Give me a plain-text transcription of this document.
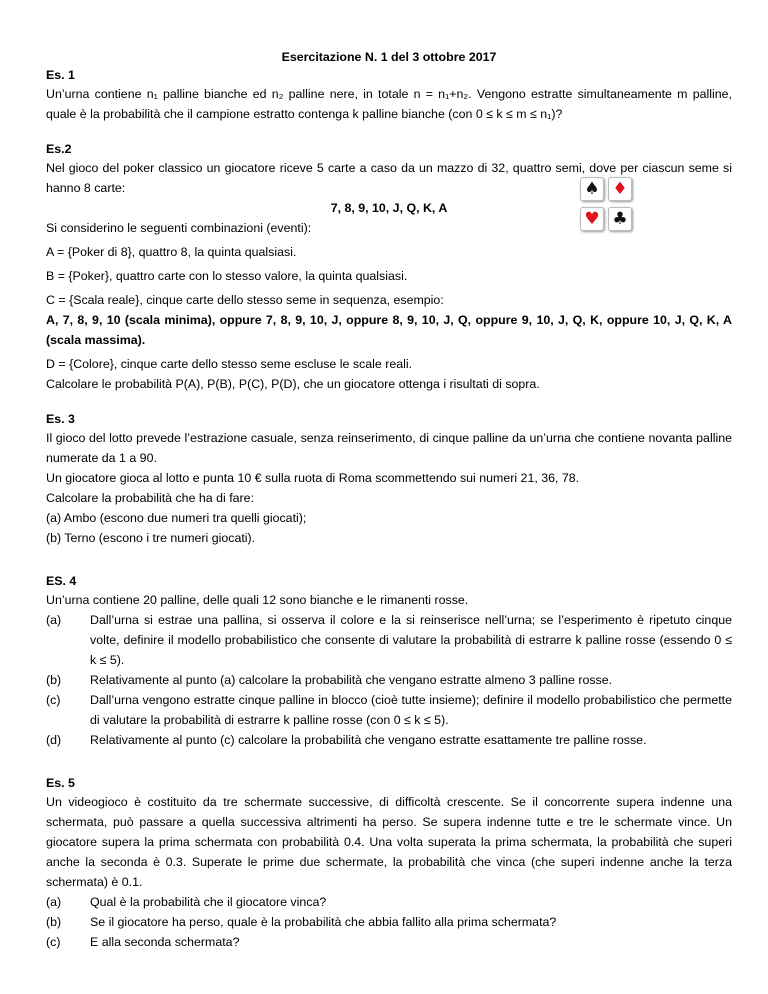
Esercitazione N. 1 del 3 ottobre 2017
Es. 1

Un’urna contiene n₁ palline bianche ed n₂ palline nere, in totale n = n₁+n₂. Vengono estratte simultaneamente m palline, quale è la probabilità che il campione estratto contenga k palline bianche (con 0 ≤ k ≤ m ≤ n₁)?

Es.2

Nel gioco del poker classico un giocatore riceve 5 carte a caso da un mazzo di 32, quattro semi, dove per ciascun seme si hanno 8 carte:

7, 8, 9, 10, J, Q, K, A

Si considerino le seguenti combinazioni (eventi):

A = {Poker di 8}, quattro 8, la quinta qualsiasi.

B = {Poker}, quattro carte con lo stesso valore, la quinta qualsiasi.

C = {Scala reale}, cinque carte dello stesso seme in sequenza, esempio:

A, 7, 8, 9, 10 (scala minima), oppure 7, 8, 9, 10, J, oppure 8, 9, 10, J, Q, oppure 9, 10, J, Q, K, oppure 10, J, Q, K, A (scala massima).

D = {Colore}, cinque carte dello stesso seme escluse le scale reali.

Calcolare le probabilità P(A), P(B), P(C), P(D), che un giocatore ottenga i risultati di sopra.

Es. 3

Il gioco del lotto prevede l’estrazione casuale, senza reinserimento, di cinque palline da un’urna che contiene novanta palline numerate da 1 a 90.

Un giocatore gioca al lotto e punta 10 € sulla ruota di Roma scommettendo sui numeri 21, 36, 78.

Calcolare la probabilità che ha di fare:

(a) Ambo (escono due numeri tra quelli giocati);

(b) Terno (escono i tre numeri giocati).

ES. 4

Un’urna contiene 20 palline, delle quali 12 sono bianche e le rimanenti rosse.

(a) Dall’urna si estrae una pallina, si osserva il colore e la si reinserisce nell’urna; se l’esperimento è ripetuto cinque volte, definire il modello probabilistico che consente di valutare la probabilità di estrarre k palline rosse (essendo 0 ≤ k ≤ 5).
(b) Relativamente al punto (a) calcolare la probabilità che vengano estratte almeno 3 palline rosse.
(c) Dall’urna vengono estratte cinque palline in blocco (cioè tutte insieme); definire il modello probabilistico che permette di valutare la probabilità di estrarre k palline rosse (con 0 ≤ k ≤ 5).
(d) Relativamente al punto (c) calcolare la probabilità che vengano estratte esattamente tre palline rosse.
Es. 5

Un videogioco è costituito da tre schermate successive, di difficoltà crescente. Se il concorrente supera indenne una schermata, può passare a quella successiva altrimenti ha perso. Se supera indenne tutte e tre le schermate vince. Un giocatore supera la prima schermata con probabilità 0.4. Una volta superata la prima schermata, la probabilità che superi anche la seconda è 0.3. Superate le prime due schermate, la probabilità che vinca (che superi indenne anche la terza schermata) è 0.1.

(a) Qual è la probabilità che il giocatore vinca?
(b) Se il giocatore ha perso, quale è la probabilità che abbia fallito alla prima schermata?
(c) E alla seconda schermata?
♠ ♦
♥ ♣
